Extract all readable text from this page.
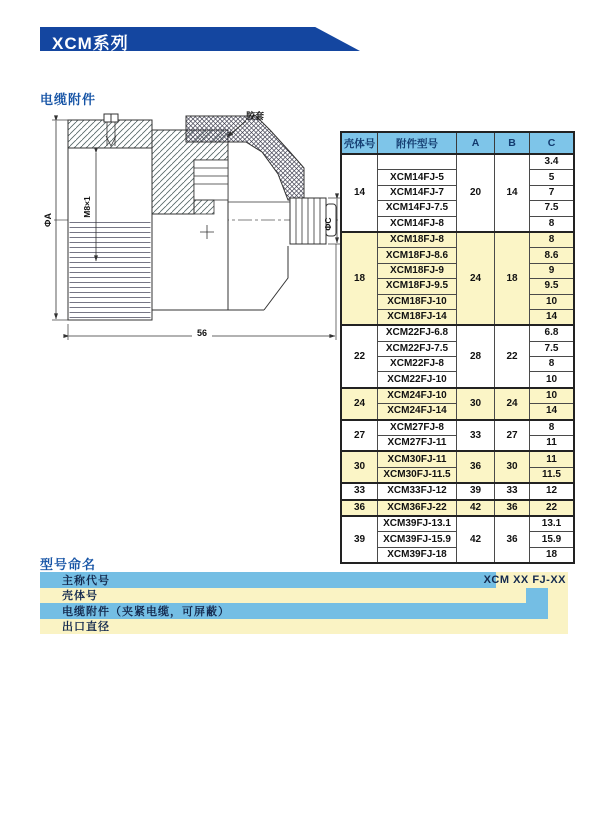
XCM系列
电缆附件
胶套
ΦA
M8×1
ΦC
56
壳体号	附件型号	A	B	C
14		20	14	3.4
	XCM14FJ-5			5
	XCM14FJ-7			7
	XCM14FJ-7.5			7.5
	XCM14FJ-8			8
18	XCM18FJ-8	24	18	8
	XCM18FJ-8.6			8.6
	XCM18FJ-9			9
	XCM18FJ-9.5			9.5
	XCM18FJ-10			10
	XCM18FJ-14			14
22	XCM22FJ-6.8	28	22	6.8
	XCM22FJ-7.5			7.5
	XCM22FJ-8			8
	XCM22FJ-10			10
24	XCM24FJ-10	30	24	10
	XCM24FJ-14			14
27	XCM27FJ-8	33	27	8
	XCM27FJ-11			11
30	XCM30FJ-11	36	30	11
	XCM30FJ-11.5			11.5
33	XCM33FJ-12	39	33	12
36	XCM36FJ-22	42	36	22
39	XCM39FJ-13.1	42	36	13.1
	XCM39FJ-15.9			15.9
	XCM39FJ-18			18
型号命名
主称代号
壳体号
电缆附件（夹紧电缆，可屏蔽）
出口直径
XCM XX FJ-XX
